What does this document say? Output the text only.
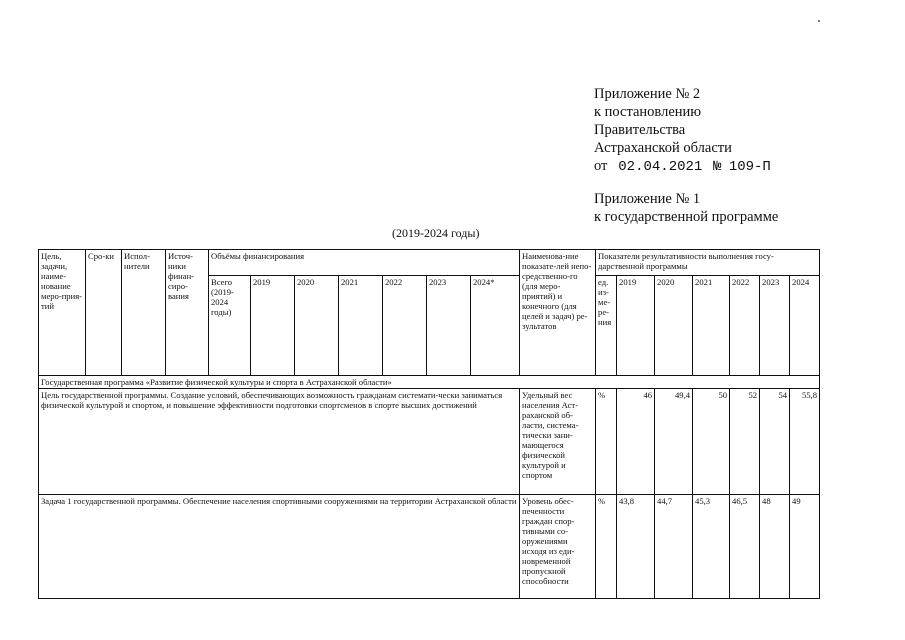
Приложение № 2
к постановлению
Правительства
Астраханской области
от 02.04.2021 № 109-П
Приложение № 1
к государственной программе
(2019-2024 годы)
Цель, задачи, наиме-нование меро-прия-тий	Сро-ки	Испол-нители	Источ-ники финан-сиро-вания	Объёмы финансирования							Наименова-ние показате-лей непо-средственно-го (для меро-приятий) и конечного (для целей и задач) ре-зультатов	Показатели результативности выполнения госу-дарственной программы						
				Всего (2019-2024 годы)	2019	2020	2021	2022	2023	2024*		ед. из-ме-ре-ния	2019	2020	2021	2022	2023	2024
Государственная программа «Развитие физической культуры и спорта в Астраханской области»																		
Цель государственной программы. Создание условий, обеспечивающих возможность гражданам системати-чески заниматься физической культурой и спортом, и повышение эффективности подготовки спортсменов в спорте высших достижений											Удельный вес населения Аст-раханской об-ласти, система-тически зани-мающегося физической культурой и спортом	%	46	49,4	50	52	54	55,8
Задача 1 государственной программы. Обеспечение населения спортивными сооружениями на территории Астраханской области											Уровень обес-печенности граждан спор-тивными со-оружениями исходя из еди-новременной пропускной способности	%	43,8	44,7	45,3	46,5	48	49
